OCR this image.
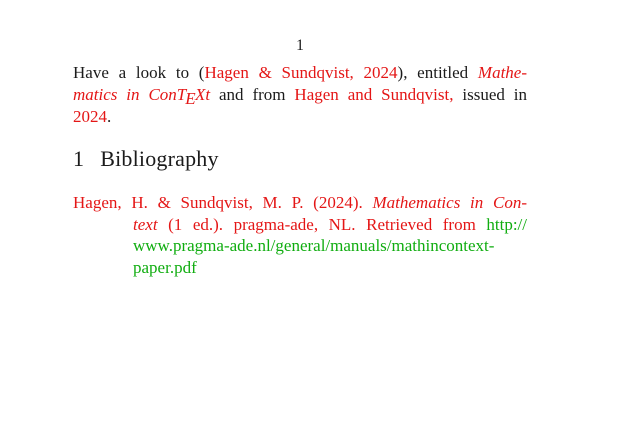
1
Have a look to (Hagen & Sundqvist, 2024), entitled Mathe-
matics in ConTEXt and from Hagen and Sundqvist, issued in
2024.
1 Bibliography
Hagen, H. & Sundqvist, M. P. (2024). Mathematics in Con-
text (1 ed.). pragma-ade, NL. Retrieved from http://
www.pragma-ade.nl/general/manuals/mathincontext-
paper.pdf
